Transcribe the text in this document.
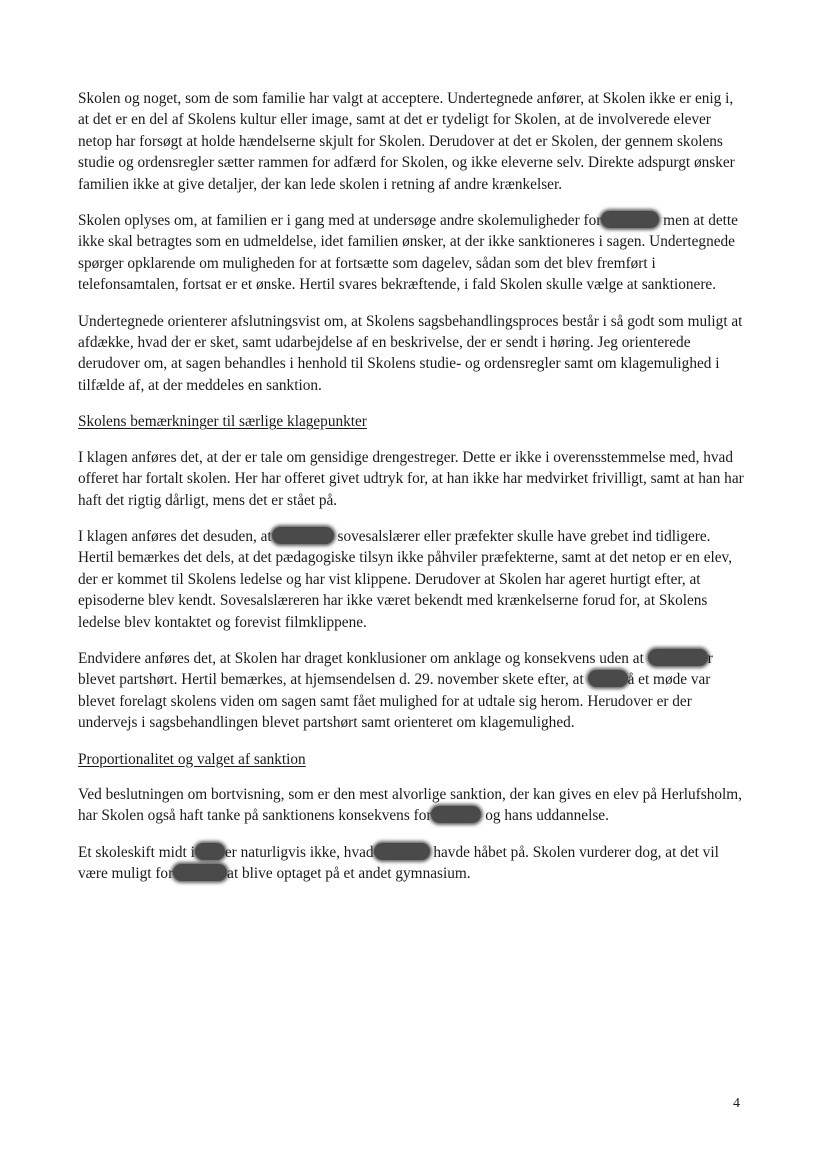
Skolen og noget, som de som familie har valgt at acceptere. Undertegnede anfører, at Skolen ikke er enig i, at det er en del af Skolens kultur eller image, samt at det er tydeligt for Skolen, at de involverede elever netop har forsøgt at holde hændelserne skjult for Skolen. Derudover at det er Skolen, der gennem skolens studie og ordensregler sætter rammen for adfærd for Skolen, og ikke eleverne selv. Direkte adspurgt ønsker familien ikke at give detaljer, der kan lede skolen i retning af andre krænkelser.

Skolen oplyses om, at familien er i gang med at undersøge andre skolemuligheder for	men at dette ikke skal betragtes som en udmeldelse, idet familien ønsker, at der ikke sanktioneres i sagen. Undertegnede spørger opklarende om muligheden for at fortsætte som dagelev, sådan som det blev fremført i telefonsamtalen, fortsat er et ønske. Hertil svares bekræftende, i fald Skolen skulle vælge at sanktionere.

Undertegnede orienterer afslutningsvist om, at Skolens sagsbehandlingsproces består i så godt som muligt at afdække, hvad der er sket, samt udarbejdelse af en beskrivelse, der er sendt i høring. Jeg orienterede derudover om, at sagen behandles i henhold til Skolens studie- og ordensregler samt om klagemulighed i tilfælde af, at der meddeles en sanktion.

Skolens bemærkninger til særlige klagepunkter

I klagen anføres det, at der er tale om gensidige drengestreger. Dette er ikke i overensstemmelse med, hvad offeret har fortalt skolen. Her har offeret givet udtryk for, at han ikke har medvirket frivilligt, samt at han har haft det rigtig dårligt, mens det er stået på.

I klagen anføres det desuden, at	sovesalslærer eller præfekter skulle have grebet ind tidligere. Hertil bemærkes det dels, at det pædagogiske tilsyn ikke påhviler præfekterne, samt at det netop er en elev, der er kommet til Skolens ledelse og har vist klippene. Derudover at Skolen har ageret hurtigt efter, at episoderne blev kendt. Sovesalslæreren har ikke været bekendt med krænkelserne forud for, at Skolens ledelse blev kontaktet og forevist filmklippene.

Endvidere anføres det, at Skolen har draget konklusioner om anklage og konsekvens uden at	r blevet partshørt. Hertil bemærkes, at hjemsendelsen d. 29. november skete efter, at	å et møde var blevet forelagt skolens viden om sagen samt fået mulighed for at udtale sig herom. Herudover er der undervejs i sagsbehandlingen blevet partshørt samt orienteret om klagemulighed.

Proportionalitet og valget af sanktion

Ved beslutningen om bortvisning, som er den mest alvorlige sanktion, der kan gives en elev på Herlufsholm, har Skolen også haft tanke på sanktionens konsekvens for	og hans uddannelse.

Et skoleskift midt i er naturligvis ikke, hvad	havde håbet på. Skolen vurderer dog, at det vil være muligt for	at blive optaget på et andet gymnasium.

4
